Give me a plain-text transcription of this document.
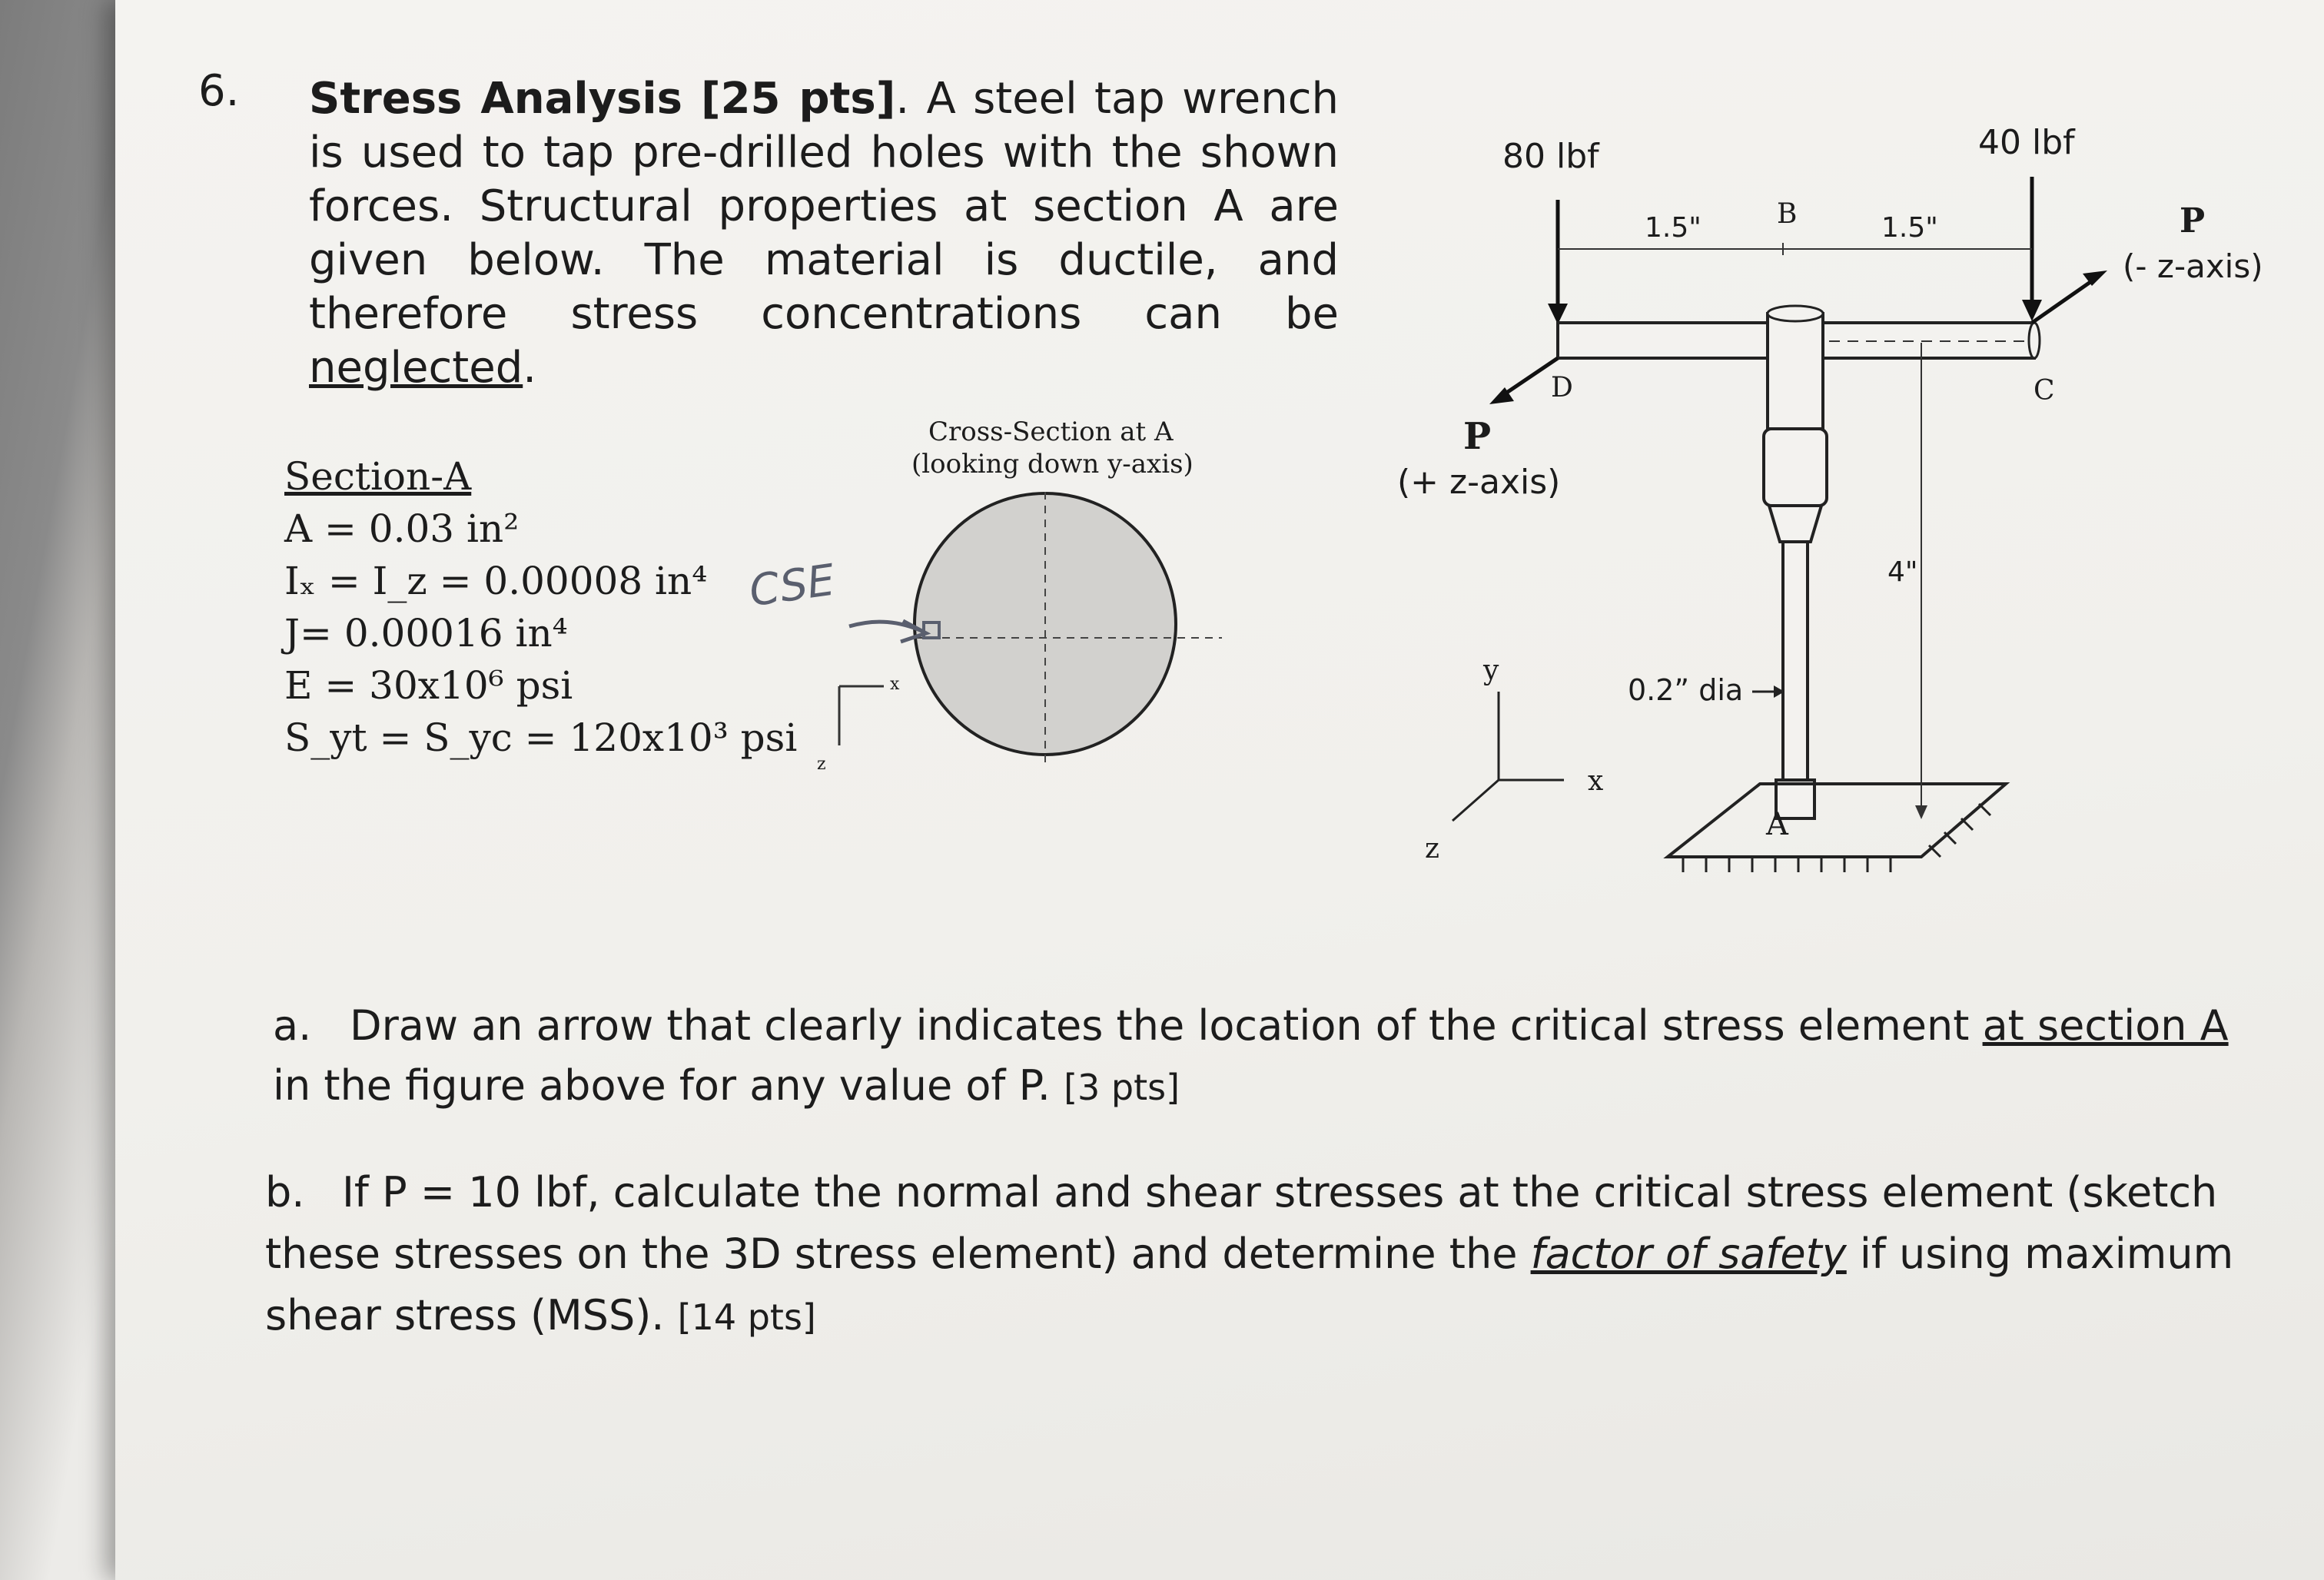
6. Stress Analysis [25 pts]. A steel tap wrench is used to tap pre-drilled holes with the shown forces. Structural properties at section A are given below. The material is ductile, and therefore stress concentrations can be neglected.
Section-A
A = 0.03 in²
Iₓ = I_z = 0.00008 in⁴
J= 0.00016 in⁴
E = 30x10⁶ psi
S_yt = S_yc = 120x10³ psi
Cross-Section at A
(looking down y-axis)
x
z
CSE
80 lbf	40 lbf
1.5"	1.5"
B
C
D
A
P
(+ z-axis)
P
(- z-axis)
4"
0.2” dia
y
x
z
a. Draw an arrow that clearly indicates the location of the critical stress element at section A in the figure above for any value of P. [3 pts]
b. If P = 10 lbf, calculate the normal and shear stresses at the critical stress element (sketch these stresses on the 3D stress element) and determine the factor of safety if using maximum shear stress (MSS). [14 pts]
